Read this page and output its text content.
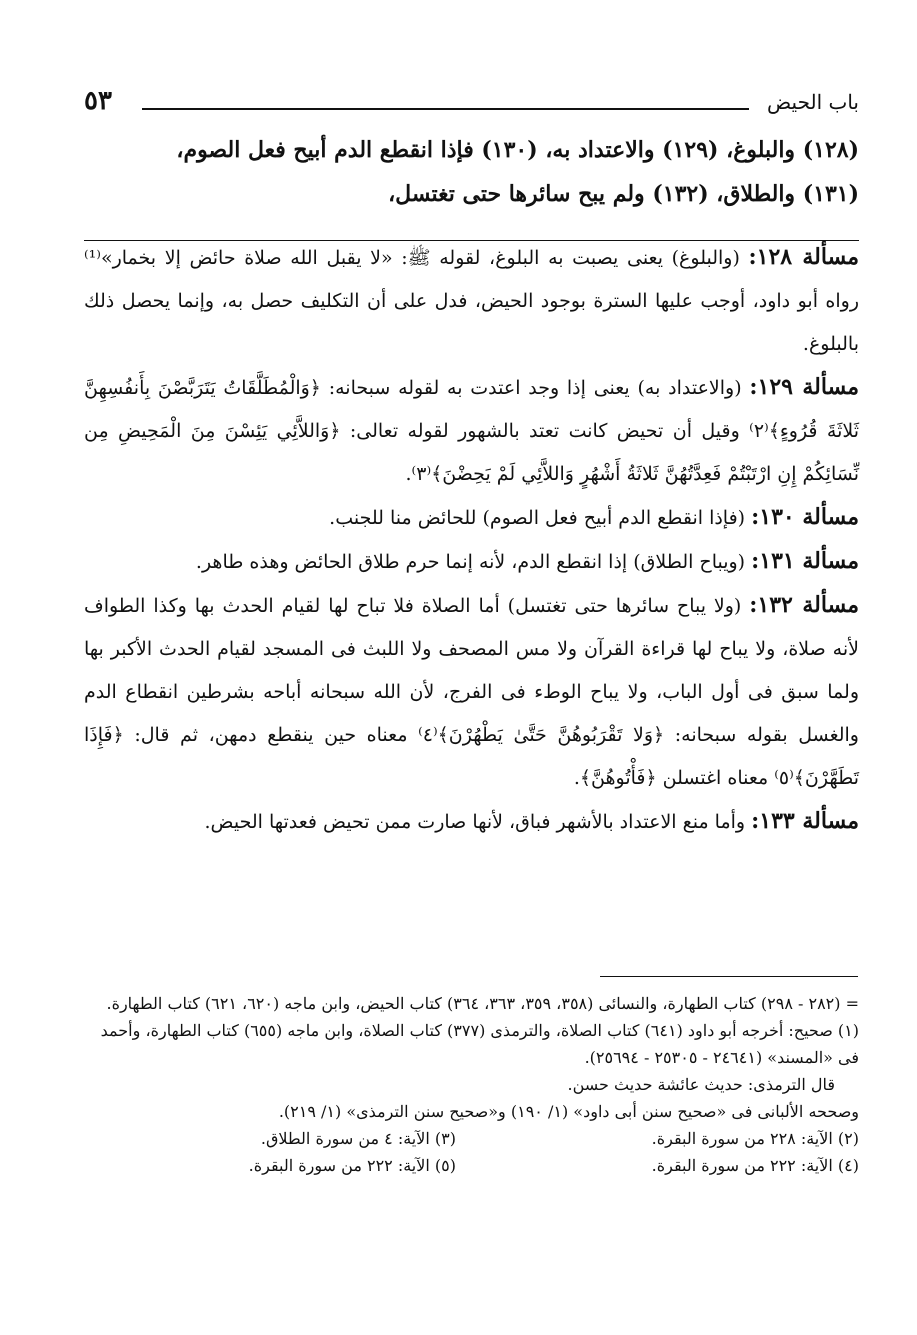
باب الحيض
٥٣

(١٢٨) والبلوغ، (١٢٩) والاعتداد به، (١٣٠) فإذا انقطع الدم أبيح فعل الصوم،

(١٣١) والطلاق، (١٣٢) ولم يبح سائرها حتى تغتسل،

مسألة ١٢٨: (والبلوغ) يعنى يصبت به البلوغ، لقوله ﷺ: «لا يقبل الله صلاة حائض إلا بخمار»⁽¹⁾ رواه أبو داود، أوجب عليها السترة بوجود الحيض، فدل على أن التكليف حصل به، وإنما يحصل ذلك بالبلوغ.

مسألة ١٢٩: (والاعتداد به) يعنى إذا وجد اعتدت به لقوله سبحانه: ﴿وَالْمُطَلَّقَاتُ يَتَرَبَّصْنَ بِأَنفُسِهِنَّ ثَلاثَةَ قُرُوءٍ﴾⁽٢⁾ وقيل أن تحيض كانت تعتد بالشهور لقوله تعالى: ﴿وَاللاَّئِي يَئِسْنَ مِنَ الْمَحِيضِ مِن نِّسَائِكُمْ إِنِ ارْتَبْتُمْ فَعِدَّتُهُنَّ ثَلاثَةُ أَشْهُرٍ وَاللاَّئِي لَمْ يَحِضْنَ﴾⁽٣⁾.

مسألة ١٣٠: (فإذا انقطع الدم أبيح فعل الصوم) للحائض منا للجنب.

مسألة ١٣١: (ويباح الطلاق) إذا انقطع الدم، لأنه إنما حرم طلاق الحائض وهذه طاهر.

مسألة ١٣٢: (ولا يباح سائرها حتى تغتسل) أما الصلاة فلا تباح لها لقيام الحدث بها وكذا الطواف لأنه صلاة، ولا يباح لها قراءة القرآن ولا مس المصحف ولا اللبث فى المسجد لقيام الحدث الأكبر بها ولما سبق فى أول الباب، ولا يباح الوطء فى الفرج، لأن الله سبحانه أباحه بشرطين انقطاع الدم والغسل بقوله سبحانه: ﴿وَلا تَقْرَبُوهُنَّ حَتَّىٰ يَطْهُرْنَ﴾⁽٤⁾ معناه حين ينقطع دمهن، ثم قال: ﴿فَإِذَا تَطَهَّرْنَ﴾⁽٥⁾ معناه اغتسلن ﴿فَأْتُوهُنَّ﴾.

مسألة ١٣٣: وأما منع الاعتداد بالأشهر فباق، لأنها صارت ممن تحيض فعدتها الحيض.

= (٢٨٢ - ٢٩٨) كتاب الطهارة، والنسائى (٣٥٨، ٣٥٩، ٣٦٣، ٣٦٤) كتاب الحيض، وابن ماجه (٦٢٠، ٦٢١) كتاب الطهارة.

(١) صحيح: أخرجه أبو داود (٦٤١) كتاب الصلاة، والترمذى (٣٧٧) كتاب الصلاة، وابن ماجه (٦٥٥) كتاب الطهارة، وأحمد فى «المسند» (٢٤٦٤١ - ٢٥٣٠٥ - ٢٥٦٩٤).

قال الترمذى: حديث عائشة حديث حسن.

وصححه الألبانى فى «صحيح سنن أبى داود» (١/ ١٩٠) و«صحيح سنن الترمذى» (١/ ٢١٩).

(٢) الآية: ٢٢٨ من سورة البقرة.
(٣) الآية: ٤ من سورة الطلاق.
(٤) الآية: ٢٢٢ من سورة البقرة.
(٥) الآية: ٢٢٢ من سورة البقرة.
